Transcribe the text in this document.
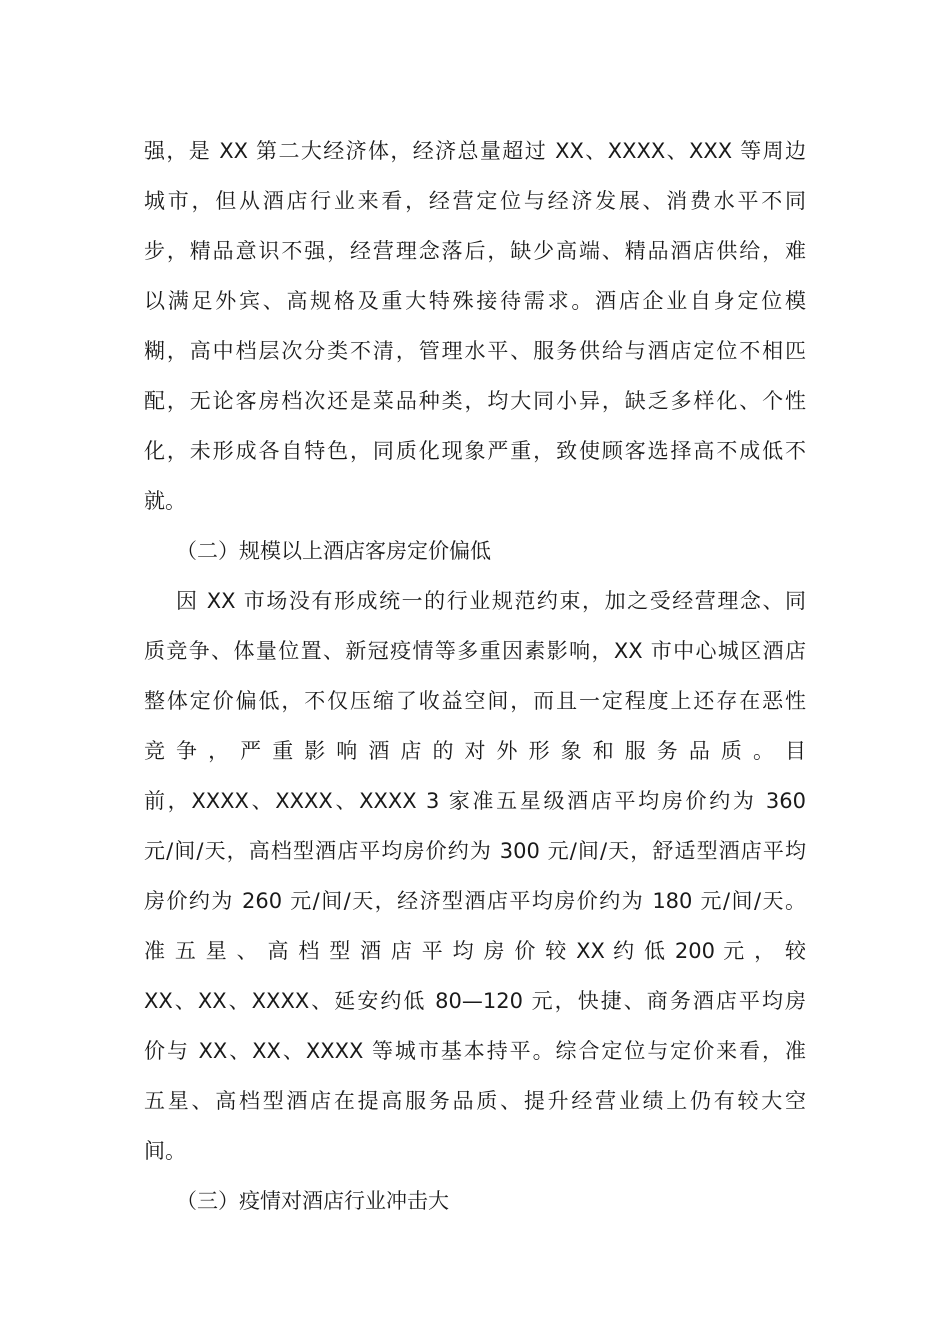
强，是 XX 第二大经济体，经济总量超过 XX、XXXX、XXX 等周边
城市，但从酒店行业来看，经营定位与经济发展、消费水平不同
步，精品意识不强，经营理念落后，缺少高端、精品酒店供给，难
以满足外宾、高规格及重大特殊接待需求。酒店企业自身定位模
糊，高中档层次分类不清，管理水平、服务供给与酒店定位不相匹
配，无论客房档次还是菜品种类，均大同小异，缺乏多样化、个性
化，未形成各自特色，同质化现象严重，致使顾客选择高不成低不
就。
（二）规模以上酒店客房定价偏低
因 XX 市场没有形成统一的行业规范约束，加之受经营理念、同
质竞争、体量位置、新冠疫情等多重因素影响，XX 市中心城区酒店
整体定价偏低，不仅压缩了收益空间，而且一定程度上还存在恶性
竞 争 ， 严 重 影 响 酒 店 的 对 外 形 象 和 服 务 品 质 。 目
前，XXXX、XXXX、XXXX 3 家准五星级酒店平均房价约为 360
元/间/天，高档型酒店平均房价约为 300 元/间/天，舒适型酒店平均
房价约为 260 元/间/天，经济型酒店平均房价约为 180 元/间/天。
准 五 星 、 高 档 型 酒 店 平 均 房 价 较 XX 约 低 200 元 ， 较
XX、XX、XXXX、延安约低 80—120 元，快捷、商务酒店平均房
价与 XX、XX、XXXX 等城市基本持平。综合定位与定价来看，准
五星、高档型酒店在提高服务品质、提升经营业绩上仍有较大空
间。
（三）疫情对酒店行业冲击大
